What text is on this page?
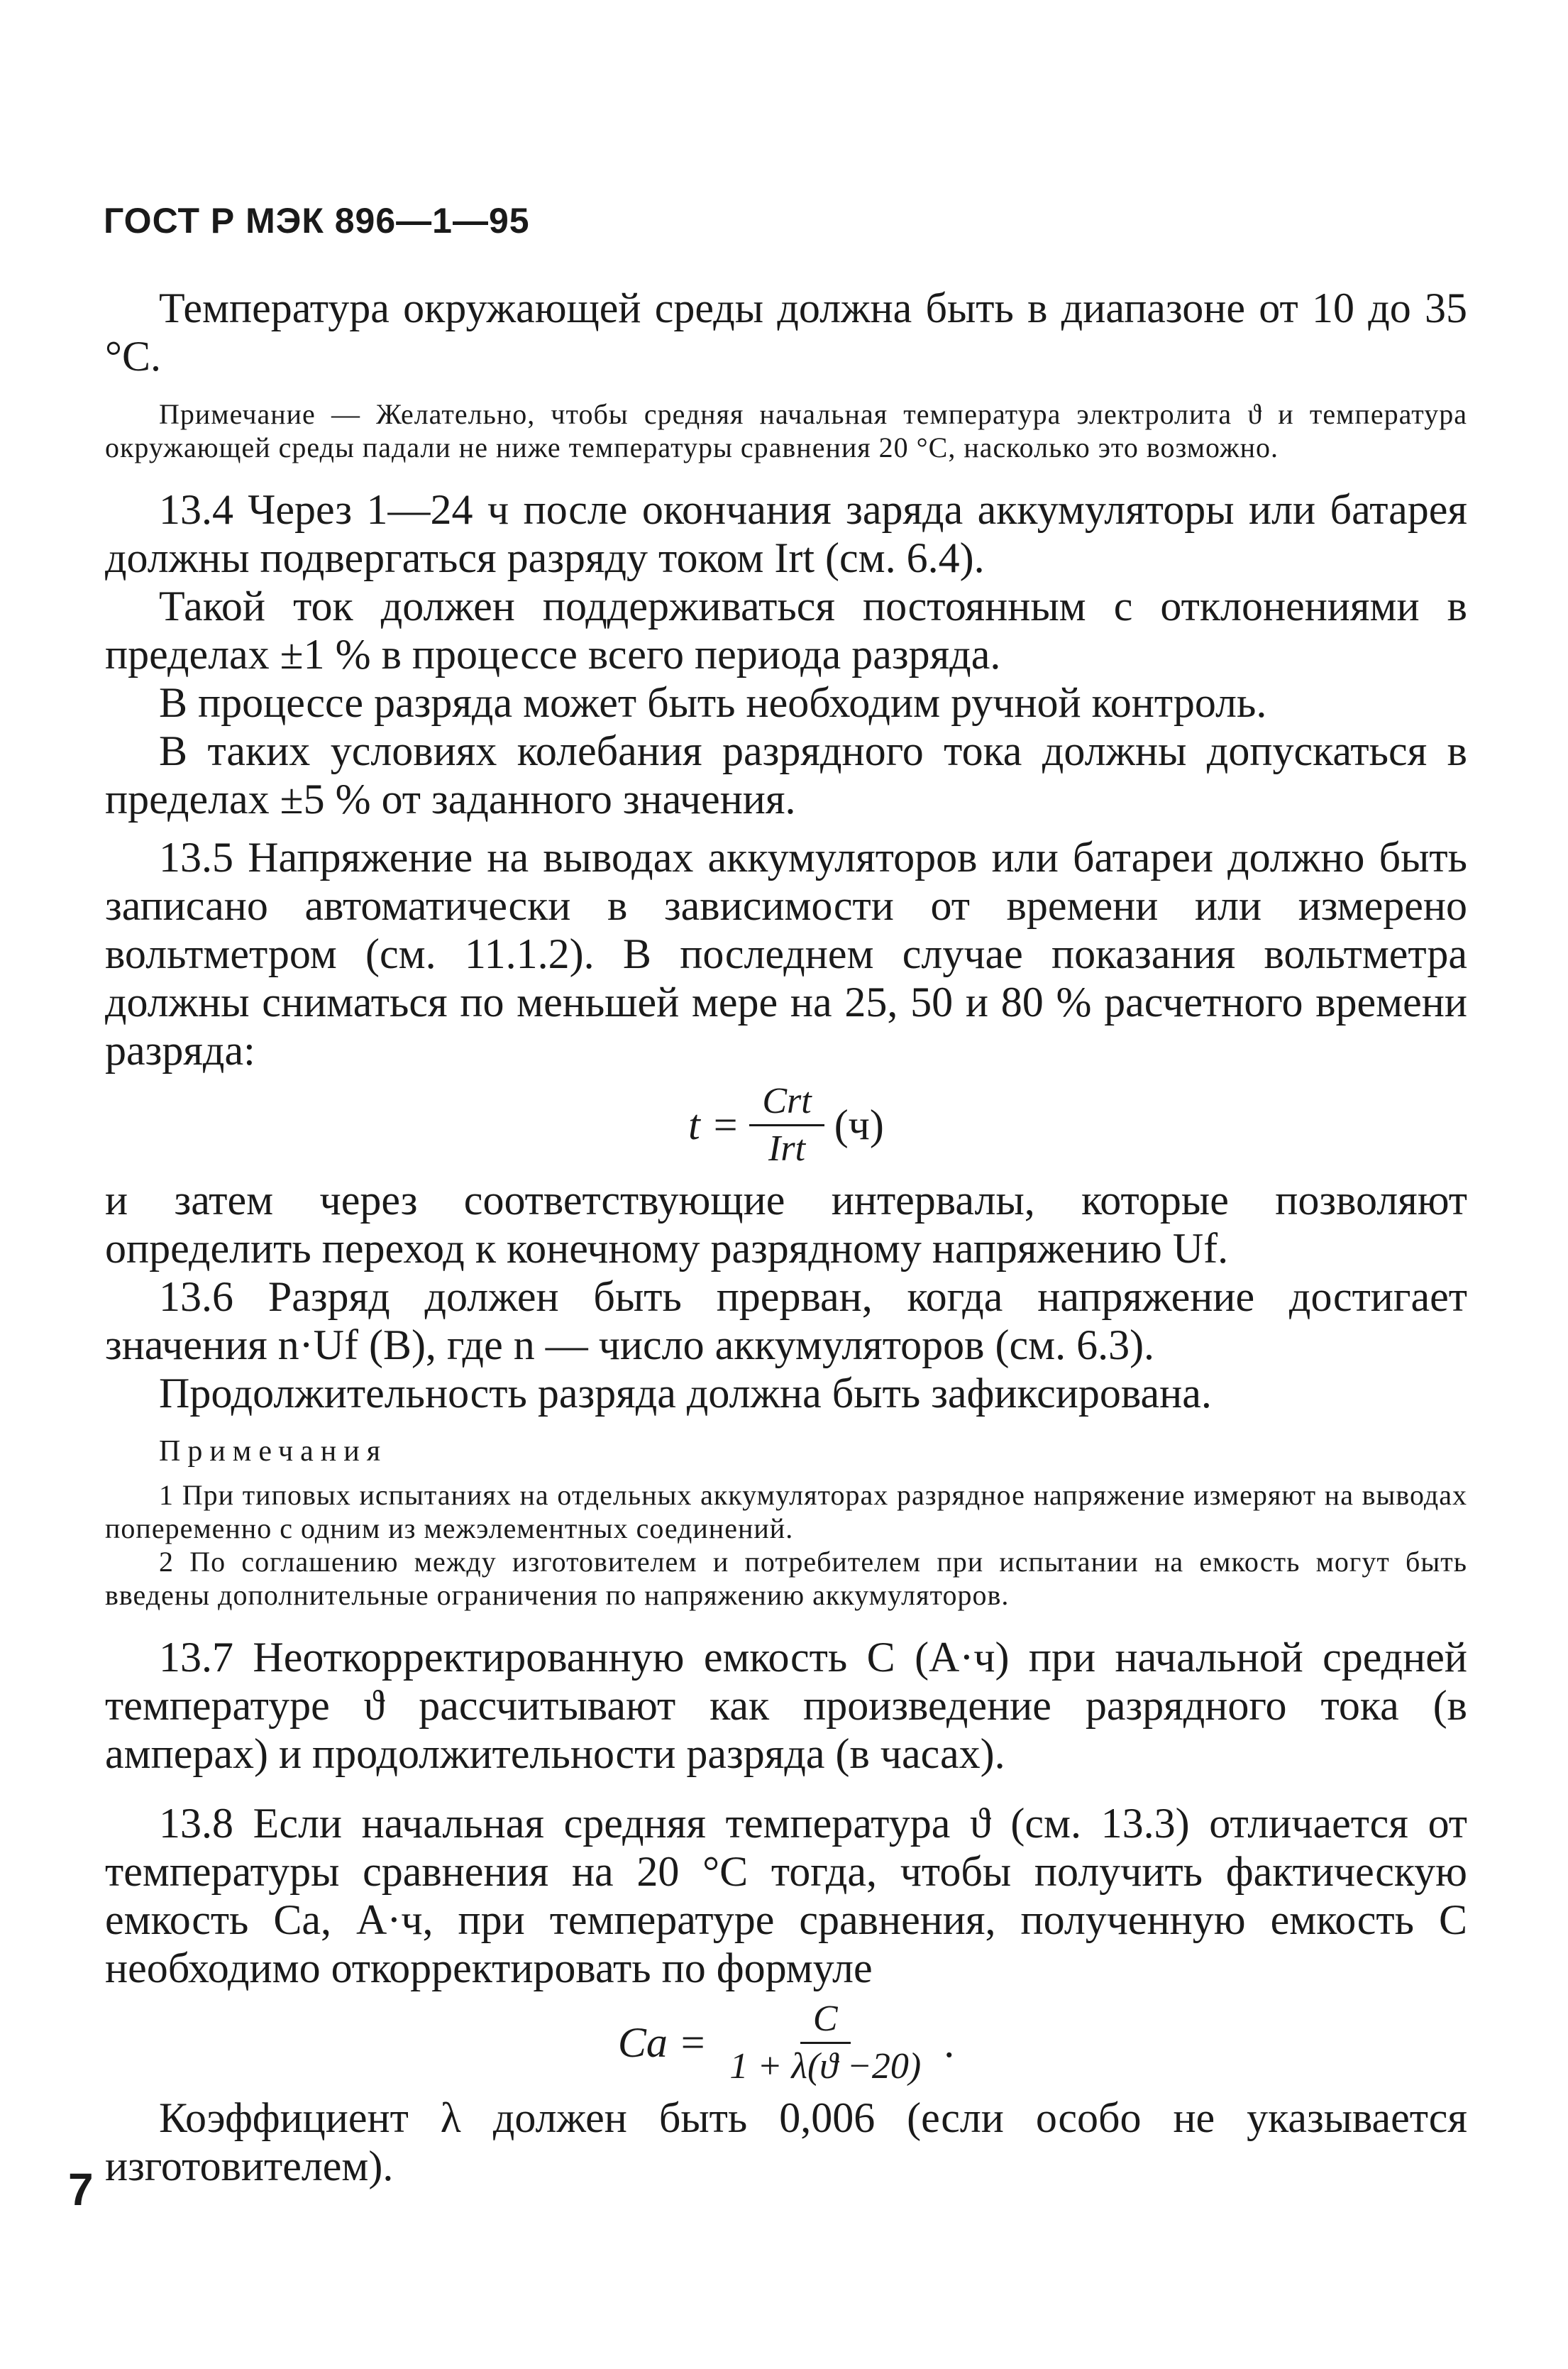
ГОСТ Р МЭК 896—1—95

Температура окружающей среды должна быть в диапазоне от 10 до 35 °С.

Примечание — Желательно, чтобы средняя начальная температура электролита ϑ и температура окружающей среды падали не ниже температуры сравнения 20 °С, насколько это возможно.

13.4 Через 1—24 ч после окончания заряда аккумуляторы или батарея должны подвергаться разряду током Irt (см. 6.4).

Такой ток должен поддерживаться постоянным с отклонениями в пределах ±1 % в процессе всего периода разряда.

В процессе разряда может быть необходим ручной контроль.

В таких условиях колебания разрядного тока должны допускаться в пределах ±5 % от заданного значения.

13.5 Напряжение на выводах аккумуляторов или батареи должно быть записано автоматически в зависимости от времени или измерено вольтметром (см. 11.1.2). В последнем случае показания вольтметра должны сниматься по меньшей мере на 25, 50 и 80 % расчетного времени разряда:

$t = \frac{\text{Crt}}{\text{Irt}} (ч)$

и затем через соответствующие интервалы, которые позволяют определить переход к конечному разрядному напряжению Uf.

13.6 Разряд должен быть прерван, когда напряжение достигает значения n·Uf (В), где n — число аккумуляторов (см. 6.3).

Продолжительность разряда должна быть зафиксирована.

Примечания

1 При типовых испытаниях на отдельных аккумуляторах разрядное напряжение измеряют на выводах попеременно с одним из межэлементных соединений.

2 По соглашению между изготовителем и потребителем при испытании на емкость могут быть введены дополнительные ограничения по напряжению аккумуляторов.

13.7 Неоткорректированную емкость С (А·ч) при начальной средней температуре ϑ рассчитывают как произведение разрядного тока (в амперах) и продолжительности разряда (в часах).

13.8 Если начальная средняя температура ϑ (см. 13.3) отличается от температуры сравнения на 20 °С тогда, чтобы получить фактическую емкость Са, А·ч, при температуре сравнения, полученную емкость С необходимо откорректировать по формуле

$Ca = \frac{C}{1 + \lambda(ϑ -20)}$ .

Коэффициент λ должен быть 0,006 (если особо не указывается изготовителем).

7
